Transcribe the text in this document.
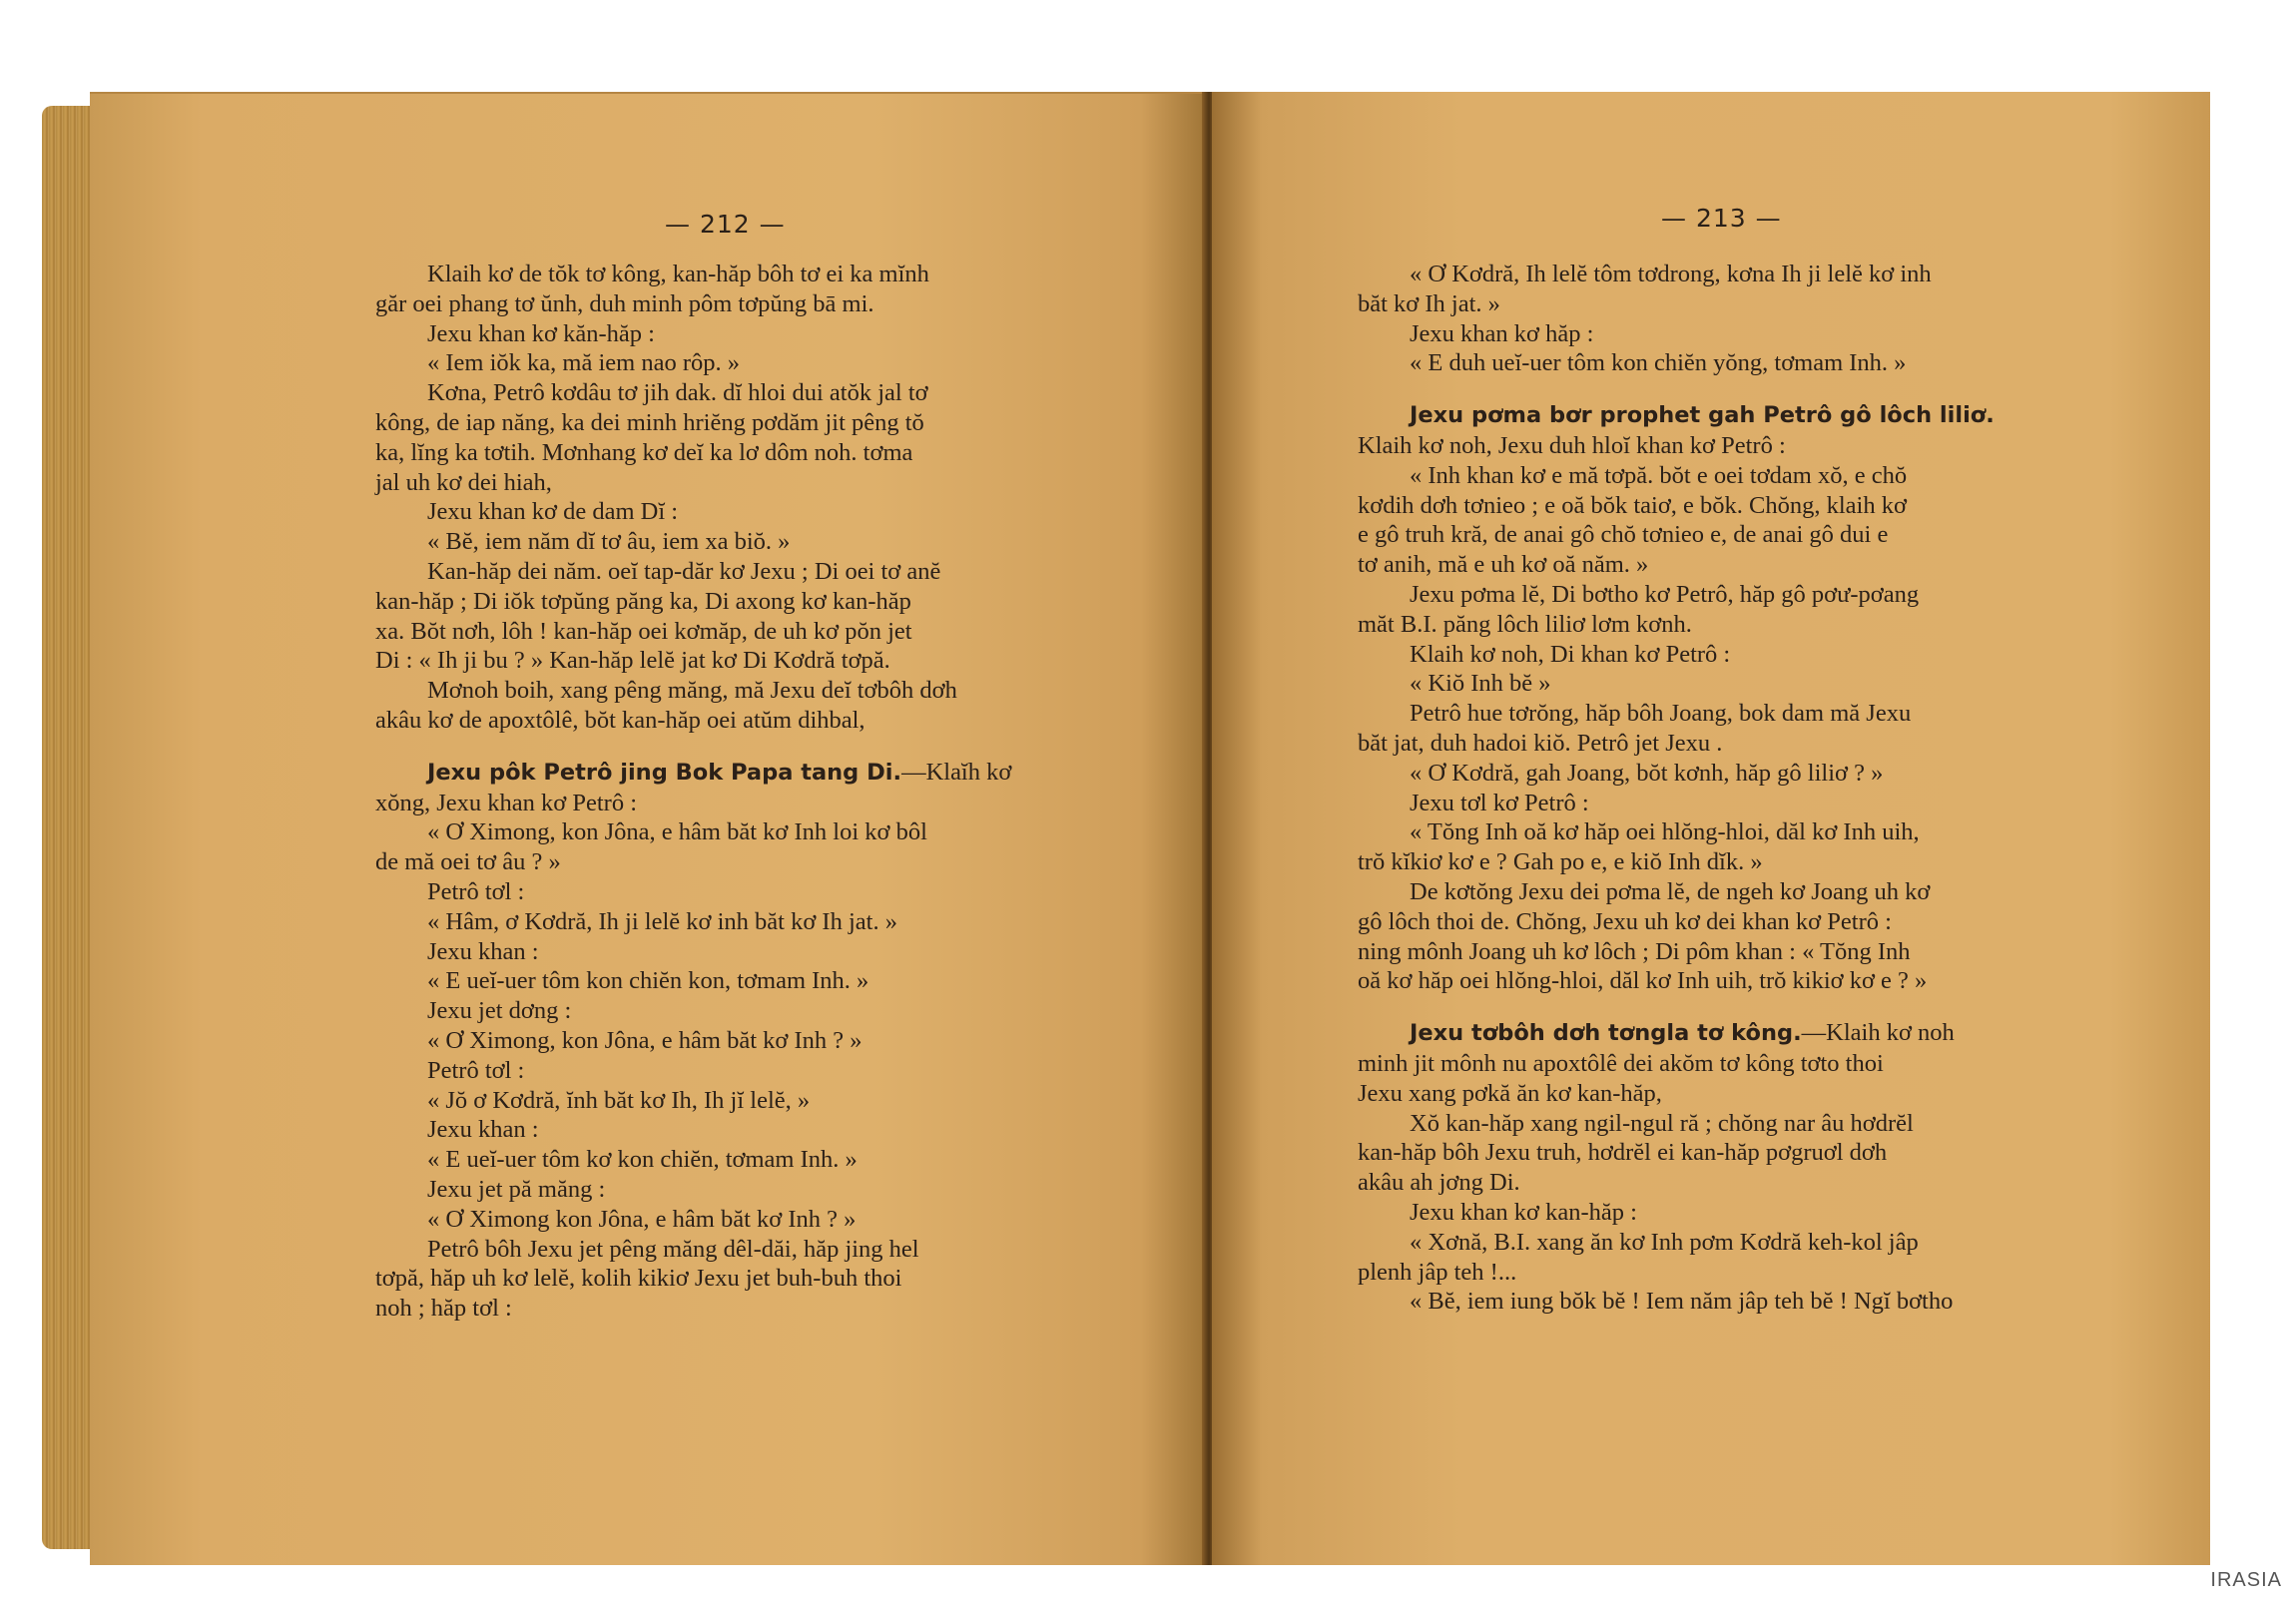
— 212 —

Klaih kơ de tŏk tơ kông, kan-hăp bôh tơ ei ka mĭnh

găr oei phang tơ ŭnh, duh minh pôm tơpŭng bā mi.

Jexu khan kơ kăn-hăp :

« Iem iŏk ka, mă iem nao rôp. »

Kơna, Petrô kơdâu tơ jih dak. dĭ hloi dui atŏk jal tơ

kông, de iap năng, ka dei minh hriĕng pơdăm jit pêng tŏ

ka, lĭng ka tơtih. Mơnhang kơ deĭ ka lơ dôm noh. tơma

jal uh kơ dei hiah,

Jexu khan kơ de dam Dĭ :

« Bĕ, iem năm dĭ tơ âu, iem xa biŏ. »

Kan-hăp dei năm. oeĭ tap-dăr kơ Jexu ; Di oei tơ anĕ

kan-hăp ; Di iŏk tơpŭng păng ka, Di axong kơ kan-hăp

xa. Bŏt nơh, lôh ! kan-hăp oei kơmăp, de uh kơ pŏn jet

Di : « Ih ji bu ? » Kan-hăp lelĕ jat kơ Di Kơdră tơpă.

Mơnoh boih, xang pêng măng, mă Jexu deĭ tơbôh dơh

akâu kơ de apoxtôlê, bŏt kan-hăp oei atŭm dihbal,

Jexu pôk Petrô jing Bok Papa tang Di.—Klaĭh kơ

xŏng, Jexu khan kơ Petrô :

« Ơ Ximong, kon Jôna, e hâm băt kơ Inh loi kơ bôl

de mă oei tơ âu ? »

Petrô tơl :

« Hâm, ơ Kơdră, Ih ji lelĕ kơ inh băt kơ Ih jat. »

Jexu khan :

« E ueĭ-uer tôm kon chiĕn kon, tơmam Inh. »

Jexu jet dơng :

« Ơ Ximong, kon Jôna, e hâm băt kơ Inh ? »

Petrô tơl :

« Jŏ ơ Kơdră, ĭnh băt kơ Ih, Ih jĭ lelĕ, »

Jexu khan :

« E ueĭ-uer tôm kơ kon chiĕn, tơmam Inh. »

Jexu jet pă măng :

« Ơ Ximong kon Jôna, e hâm băt kơ Inh ? »

Petrô bôh Jexu jet pêng măng dêl-dăi, hăp jing hel

tơpă, hăp uh kơ lelĕ, kolih kikiơ Jexu jet buh-buh thoi

noh ; hăp tơl :

— 213 —

« Ơ Kơdră, Ih lelĕ tôm tơdrong, kơna Ih ji lelĕ kơ inh

băt kơ Ih jat. »

Jexu khan kơ hăp :

« E duh ueĭ-uer tôm kon chiĕn yŏng, tơmam Inh. »

Jexu pơma bơr prophet gah Petrô gô lôch liliơ.

Klaih kơ noh, Jexu duh hloĭ khan kơ Petrô :

« Inh khan kơ e mă tơpă. bŏt e oei tơdam xŏ, e chŏ

kơdih dơh tơnieo ; e oă bŏk taiơ, e bŏk. Chŏng, klaih kơ

e gô truh kră, de anai gô chŏ tơnieo e, de anai gô dui e

tơ anih, mă e uh kơ oă năm. »

Jexu pơma lĕ, Di bơtho kơ Petrô, hăp gô pơư-pơang

măt B.I. păng lôch liliơ lơm kơnh.

Klaih kơ noh, Di khan kơ Petrô :

« Kiŏ Inh bĕ »

Petrô hue tơrŏng, hăp bôh Joang, bok dam mă Jexu

băt jat, duh hadoi kiŏ. Petrô jet Jexu .

« Ơ Kơdră, gah Joang, bŏt kơnh, hăp gô liliơ ? »

Jexu tơl kơ Petrô :

« Tŏng Inh oă kơ hăp oei hlŏng-hloi, dăl kơ Inh uih,

trŏ kĭkiơ kơ e ? Gah po e, e kiŏ Inh dĭk. »

De kơtŏng Jexu dei pơma lĕ, de ngeh kơ Joang uh kơ

gô lôch thoi de. Chŏng, Jexu uh kơ dei khan kơ Petrô :

ning mônh Joang uh kơ lôch ; Di pôm khan : « Tŏng Inh

oă kơ hăp oei hlŏng-hloi, dăl kơ Inh uih, trŏ kikiơ kơ e ? »

Jexu tơbôh dơh tơngla tơ kông.—Klaih kơ noh

minh jit mônh nu apoxtôlê dei akŏm tơ kông tơto thoi

Jexu xang pơkă ăn kơ kan-hăp,

Xŏ kan-hăp xang ngil-ngul ră ; chŏng nar âu hơdrĕl

kan-hăp bôh Jexu truh, hơdrĕl ei kan-hăp pơgruơl dơh

akâu ah jơng Di.

Jexu khan kơ kan-hăp :

« Xơnă, B.I. xang ăn kơ Inh pơm Kơdră keh-kol jâp

plenh jâp teh !...

« Bĕ, iem iung bŏk bĕ ! Iem năm jâp teh bĕ ! Ngĭ bơtho

IRASIA
